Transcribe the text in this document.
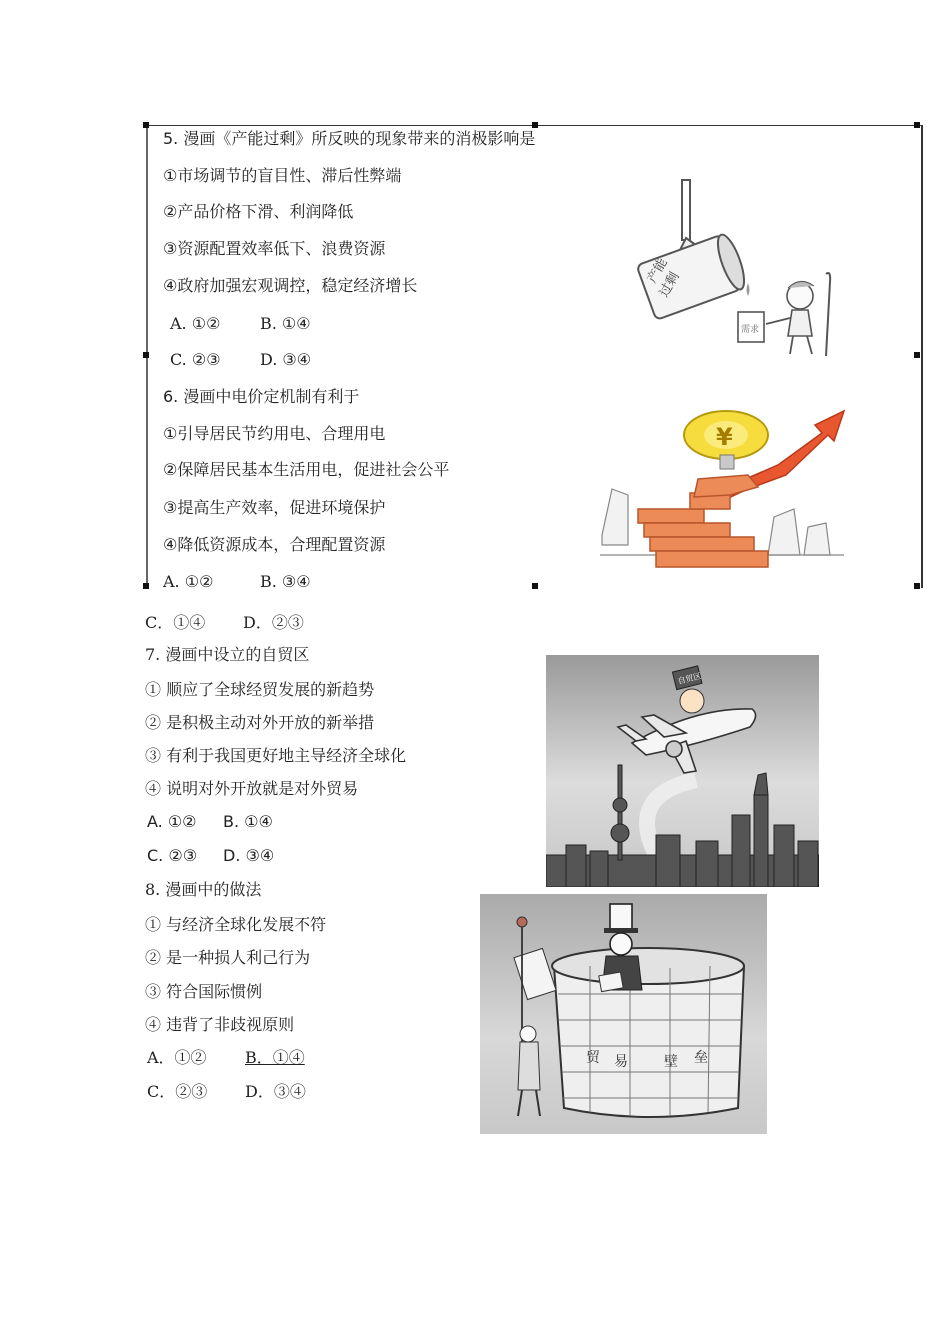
5. 漫画《产能过剩》所反映的现象带来的消极影响是
①市场调节的盲目性、滞后性弊端
②产品价格下滑、利润降低
③资源配置效率低下、浪费资源
④政府加强宏观调控，稳定经济增长
A. ①② B. ①④
C. ②③ D. ③④
产能
过剩
需求
6. 漫画中电价定机制有利于
①引导居民节约用电、合理用电
②保障居民基本生活用电，促进社会公平
③提高生产效率，促进环境保护
④降低资源成本，合理配置资源
A. ①②	B. ③④
¥
C．①④ D．②③
7. 漫画中设立的自贸区
① 顺应了全球经贸发展的新趋势
② 是积极主动对外开放的新举措
③ 有利于我国更好地主导经济全球化
④ 说明对外开放就是对外贸易
A. ①② B. ①④
C. ②③ D. ③④
自贸区
8. 漫画中的做法
① 与经济全球化发展不符
② 是一种损人利己行为
③ 符合国际惯例
④ 违背了非歧视原则
A．①② B．①④
C．②③ D．③④
贸 易	壁 垒
